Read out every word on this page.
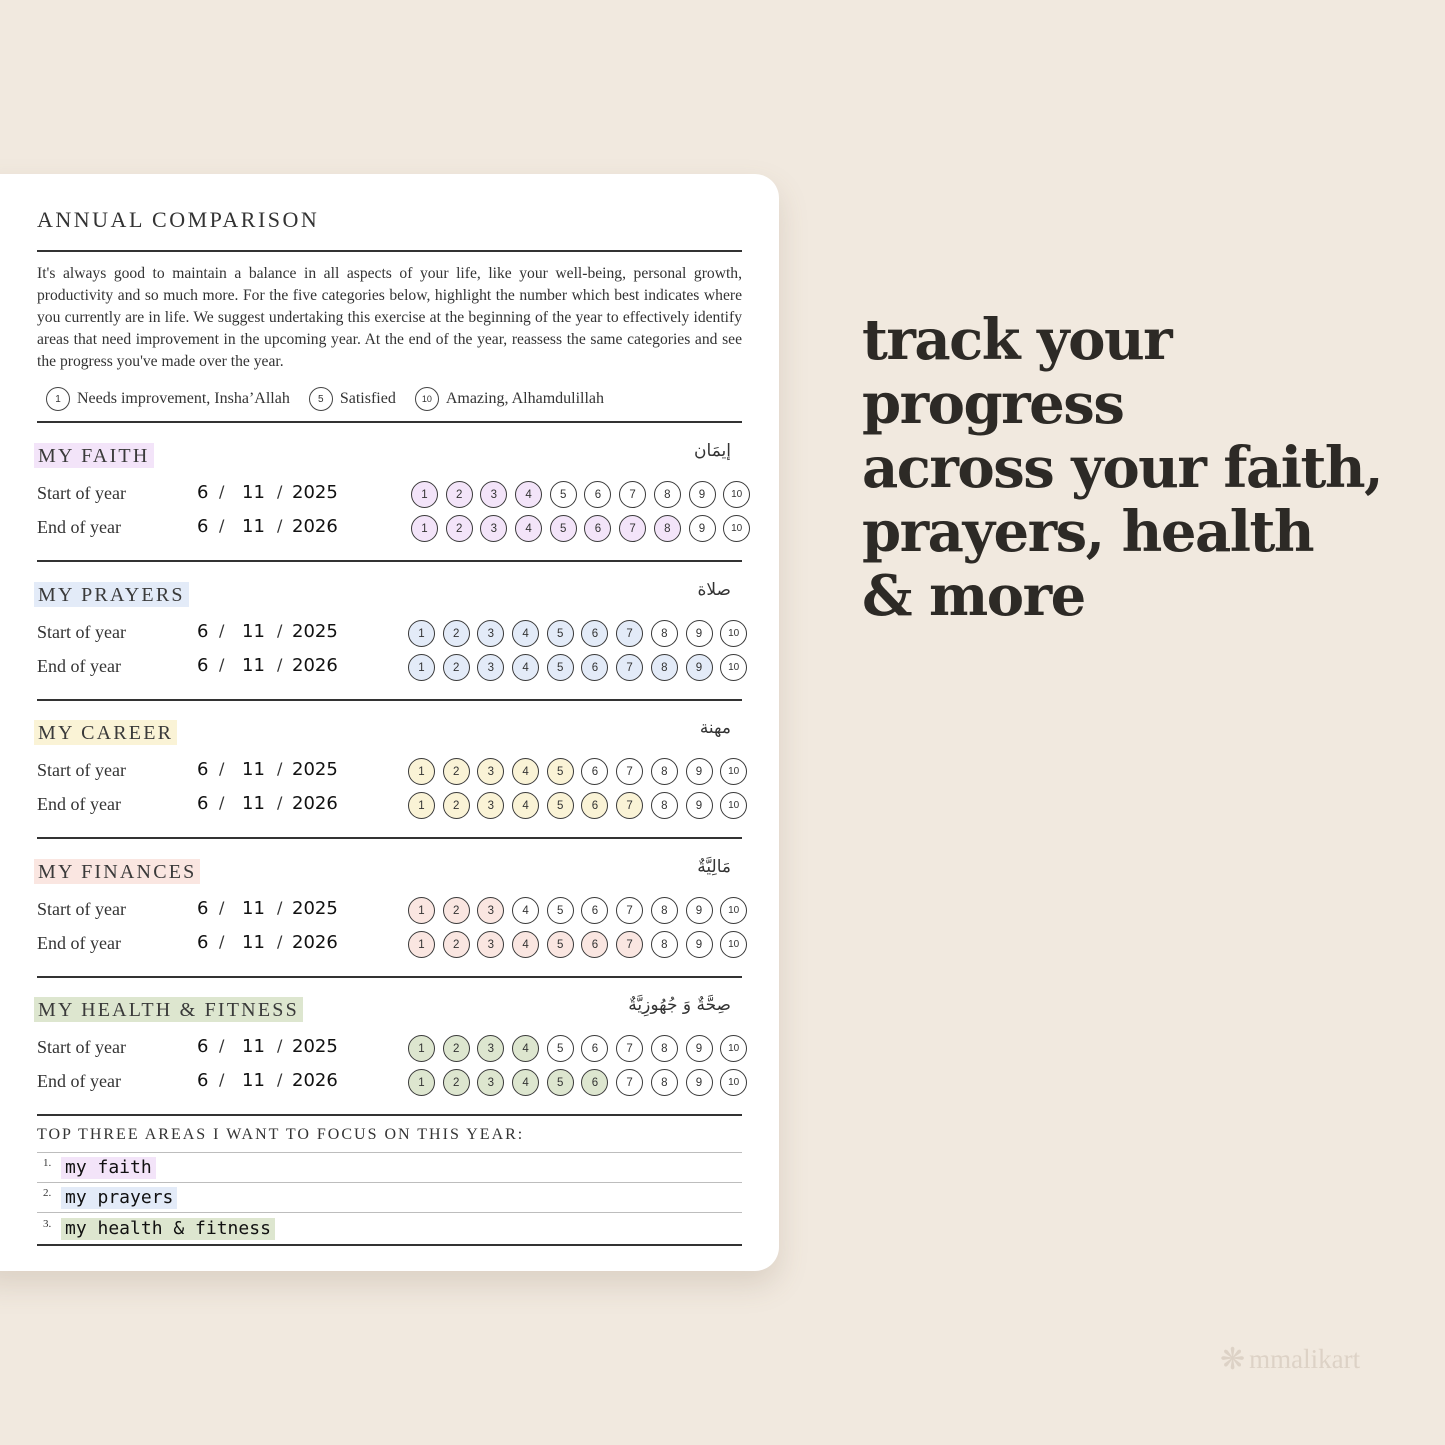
ANNUAL COMPARISON

It's always good to maintain a balance in all aspects of your life, like your well-being, personal growth, productivity and so much more. For the five categories below, highlight the number which best indicates where you currently are in life. We suggest undertaking this exercise at the beginning of the year to effectively identify areas that need improvement in the upcoming year. At the end of the year, reassess the same categories and see the progress you've made over the year.

1	Needs improvement, Insha’Allah	5	Satisfied	10 Amazing, Alhamdulillah
MY FAITH	إيمَان
Start of year	6 / 11 / 2025	1	2	3	4	5	6	7	8	9	10
End of year	6 / 11 / 2026	1	2	3	4	5	6	7	8	9	10
MY PRAYERS	صلاة
Start of year	6 / 11 / 2025	1	2	3	4	5	6	7	8	9	10
End of year	6 / 11 / 2026	1	2	3	4	5	6	7	8	9	10
MY CAREER	مهنة
Start of year	6 / 11 / 2025	1	2	3	4	5	6	7	8	9	10
End of year	6 / 11 / 2026	1	2	3	4	5	6	7	8	9	10
MY FINANCES	مَالِيَّةٌ
Start of year	6 / 11 / 2025	1	2	3	4	5	6	7	8	9	10
End of year	6 / 11 / 2026	1	2	3	4	5	6	7	8	9	10
MY HEALTH & FITNESS	صِحَّةٌ وَ جُهُوزِيَّةٌ
Start of year	6 / 11 / 2025	1	2	3	4	5	6	7	8	9	10
End of year	6 / 11 / 2026	1	2	3	4	5	6	7	8	9	10
TOP THREE AREAS I WANT TO FOCUS ON THIS YEAR:
1. my faith
2. my prayers
3. my health & fitness
track your progress
across your faith,
prayers, health
& more
❋ mmalikart
